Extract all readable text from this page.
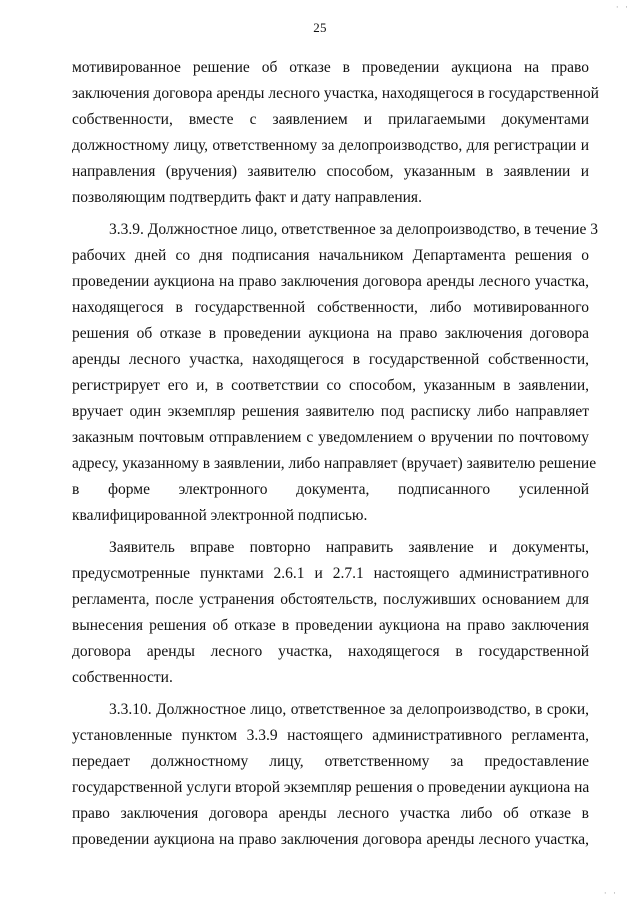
25
· ·
мотивированное решение об отказе в проведении аукциона на право
заключения договора аренды лесного участка, находящегося в государственной
собственности, вместе с заявлением и прилагаемыми документами
должностному лицу, ответственному за делопроизводство, для регистрации и
направления (вручения) заявителю способом, указанным в заявлении и
позволяющим подтвердить факт и дату направления.
3.3.9. Должностное лицо, ответственное за делопроизводство, в течение 3
рабочих дней со дня подписания начальником Департамента решения о
проведении аукциона на право заключения договора аренды лесного участка,
находящегося в государственной собственности, либо мотивированного
решения об отказе в проведении аукциона на право заключения договора
аренды лесного участка, находящегося в государственной собственности,
регистрирует его и, в соответствии со способом, указанным в заявлении,
вручает один экземпляр решения заявителю под расписку либо направляет
заказным почтовым отправлением с уведомлением о вручении по почтовому
адресу, указанному в заявлении, либо направляет (вручает) заявителю решение
в форме электронного документа, подписанного усиленной
квалифицированной электронной подписью.
Заявитель вправе повторно направить заявление и документы,
предусмотренные пунктами 2.6.1 и 2.7.1 настоящего административного
регламента, после устранения обстоятельств, послуживших основанием для
вынесения решения об отказе в проведении аукциона на право заключения
договора аренды лесного участка, находящегося в государственной
собственности.
3.3.10. Должностное лицо, ответственное за делопроизводство, в сроки,
установленные пунктом 3.3.9 настоящего административного регламента,
передает должностному лицу, ответственному за предоставление
государственной услуги второй экземпляр решения о проведении аукциона на
право заключения договора аренды лесного участка либо об отказе в
проведении аукциона на право заключения договора аренды лесного участка,
· ·
